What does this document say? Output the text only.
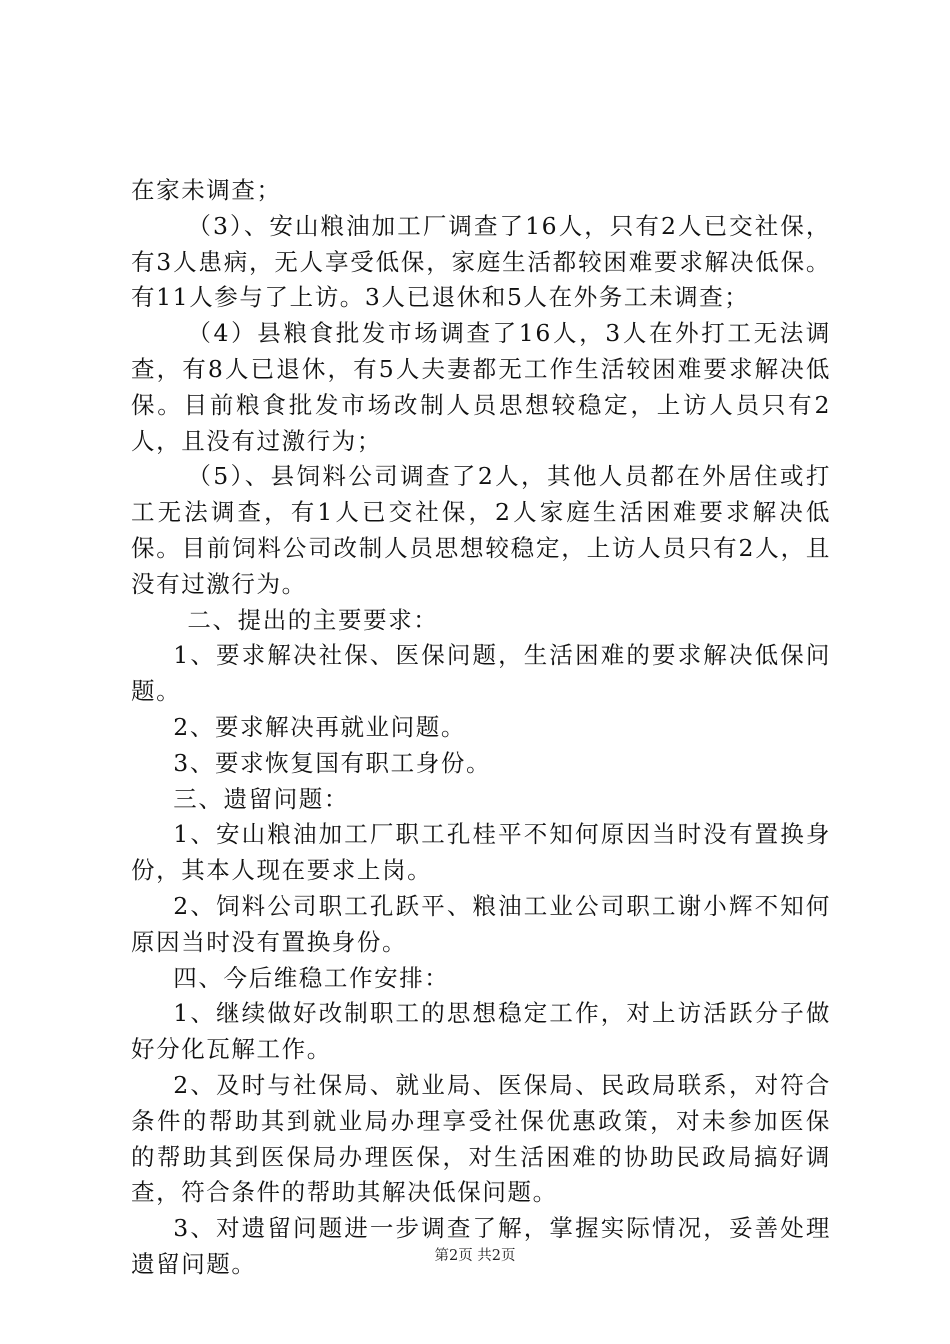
在家未调查；

（3）、安山粮油加工厂调查了16人，只有2人已交社保，有3人患病，无人享受低保，家庭生活都较困难要求解决低保。有11人参与了上访。3人已退休和5人在外务工未调查；

（4）县粮食批发市场调查了16人，3人在外打工无法调查，有8人已退休，有5人夫妻都无工作生活较困难要求解决低保。目前粮食批发市场改制人员思想较稳定，上访人员只有2人，且没有过激行为；

（5）、县饲料公司调查了2人，其他人员都在外居住或打工无法调查，有1人已交社保，2人家庭生活困难要求解决低保。目前饲料公司改制人员思想较稳定，上访人员只有2人，且没有过激行为。

二、提出的主要要求：

1、要求解决社保、医保问题，生活困难的要求解决低保问题。

2、要求解决再就业问题。

3、要求恢复国有职工身份。

三、遗留问题：

1、安山粮油加工厂职工孔桂平不知何原因当时没有置换身份，其本人现在要求上岗。

2、饲料公司职工孔跃平、粮油工业公司职工谢小辉不知何原因当时没有置换身份。

四、今后维稳工作安排：

1、继续做好改制职工的思想稳定工作，对上访活跃分子做好分化瓦解工作。

2、及时与社保局、就业局、医保局、民政局联系，对符合条件的帮助其到就业局办理享受社保优惠政策，对未参加医保的帮助其到医保局办理医保，对生活困难的协助民政局搞好调查，符合条件的帮助其解决低保问题。

3、对遗留问题进一步调查了解，掌握实际情况，妥善处理遗留问题。	第2页 共2页
